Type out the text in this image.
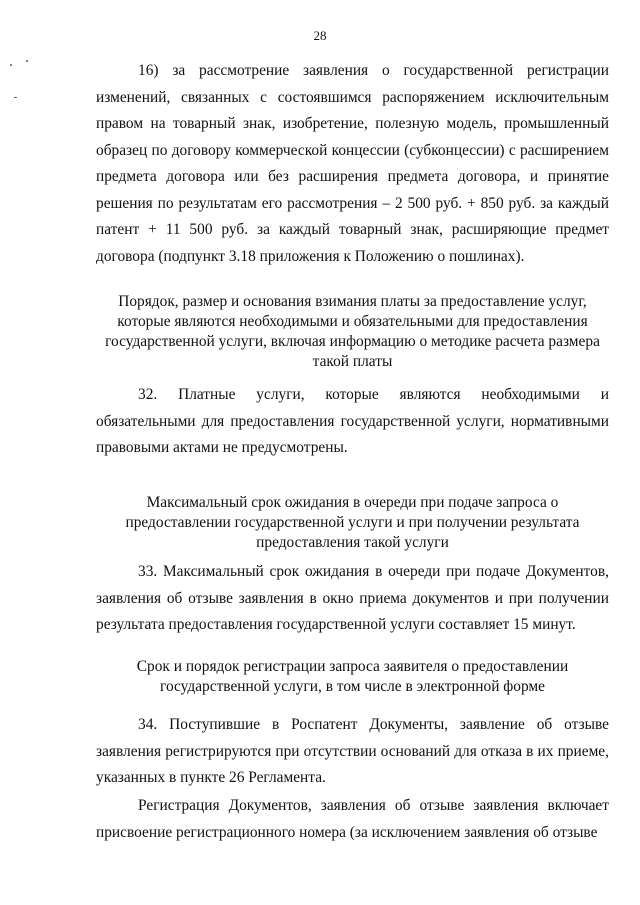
28

16) за рассмотрение заявления о государственной регистрации изменений, связанных с состоявшимся распоряжением исключительным правом на товарный знак, изобретение, полезную модель, промышленный образец по договору коммерческой концессии (субконцессии) с расширением предмета договора или без расширения предмета договора, и принятие решения по результатам его рассмотрения – 2 500 руб. + 850 руб. за каждый патент + 11 500 руб. за каждый товарный знак, расширяющие предмет договора (подпункт 3.18 приложения к Положению о пошлинах).

Порядок, размер и основания взимания платы за предоставление услуг, которые являются необходимыми и обязательными для предоставления государственной услуги, включая информацию о методике расчета размера такой платы

32. Платные услуги, которые являются необходимыми и обязательными для предоставления государственной услуги, нормативными правовыми актами не предусмотрены.

Максимальный срок ожидания в очереди при подаче запроса о предоставлении государственной услуги и при получении результата предоставления такой услуги

33. Максимальный срок ожидания в очереди при подаче Документов, заявления об отзыве заявления в окно приема документов и при получении результата предоставления государственной услуги составляет 15 минут.

Срок и порядок регистрации запроса заявителя о предоставлении государственной услуги, в том числе в электронной форме

34. Поступившие в Роспатент Документы, заявление об отзыве заявления регистрируются при отсутствии оснований для отказа в их приеме, указанных в пункте 26 Регламента.

Регистрация Документов, заявления об отзыве заявления включает присвоение регистрационного номера (за исключением заявления об отзыве
